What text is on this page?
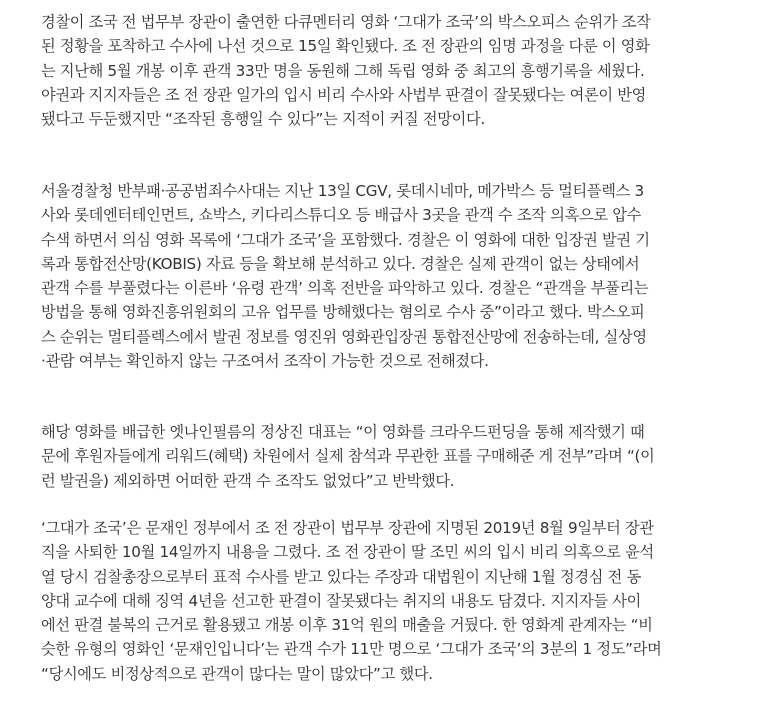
경찰이 조국 전 법무부 장관이 출연한 다큐멘터리 영화 ‘그대가 조국’의 박스오피스 순위가 조작
된 정황을 포착하고 수사에 나선 것으로 15일 확인됐다. 조 전 장관의 임명 과정을 다룬 이 영화
는 지난해 5월 개봉 이후 관객 33만 명을 동원해 그해 독립 영화 중 최고의 흥행기록을 세웠다.
야권과 지지자들은 조 전 장관 일가의 입시 비리 수사와 사법부 판결이 잘못됐다는 여론이 반영
됐다고 두둔했지만 “조작된 흥행일 수 있다”는 지적이 커질 전망이다.

서울경찰청 반부패·공공범죄수사대는 지난 13일 CGV, 롯데시네마, 메가박스 등 멀티플렉스 3
사와 롯데엔터테인먼트, 쇼박스, 키다리스튜디오 등 배급사 3곳을 관객 수 조작 의혹으로 압수
수색 하면서 의심 영화 목록에 ‘그대가 조국’을 포함했다. 경찰은 이 영화에 대한 입장권 발권 기
록과 통합전산망(KOBIS) 자료 등을 확보해 분석하고 있다. 경찰은 실제 관객이 없는 상태에서
관객 수를 부풀렸다는 이른바 ‘유령 관객’ 의혹 전반을 파악하고 있다. 경찰은 “관객을 부풀리는
방법을 통해 영화진흥위원회의 고유 업무를 방해했다는 혐의로 수사 중”이라고 했다. 박스오피
스 순위는 멀티플렉스에서 발권 정보를 영진위 영화관입장권 통합전산망에 전송하는데, 실상영
·관람 여부는 확인하지 않는 구조여서 조작이 가능한 것으로 전해졌다.

해당 영화를 배급한 엣나인필름의 정상진 대표는 “이 영화를 크라우드펀딩을 통해 제작했기 때
문에 후원자들에게 리워드(혜택) 차원에서 실제 참석과 무관한 표를 구매해준 게 전부”라며 “(이
런 발권을) 제외하면 어떠한 관객 수 조작도 없었다”고 반박했다.

‘그대가 조국’은 문재인 정부에서 조 전 장관이 법무부 장관에 지명된 2019년 8월 9일부터 장관
직을 사퇴한 10월 14일까지 내용을 그렸다. 조 전 장관이 딸 조민 씨의 입시 비리 의혹으로 윤석
열 당시 검찰총장으로부터 표적 수사를 받고 있다는 주장과 대법원이 지난해 1월 정경심 전 동
양대 교수에 대해 징역 4년을 선고한 판결이 잘못됐다는 취지의 내용도 담겼다. 지지자들 사이
에선 판결 불복의 근거로 활용됐고 개봉 이후 31억 원의 매출을 거뒀다. 한 영화계 관계자는 “비
슷한 유형의 영화인 ‘문재인입니다’는 관객 수가 11만 명으로 ‘그대가 조국’의 3분의 1 정도”라며
“당시에도 비정상적으로 관객이 많다는 말이 많았다”고 했다.
